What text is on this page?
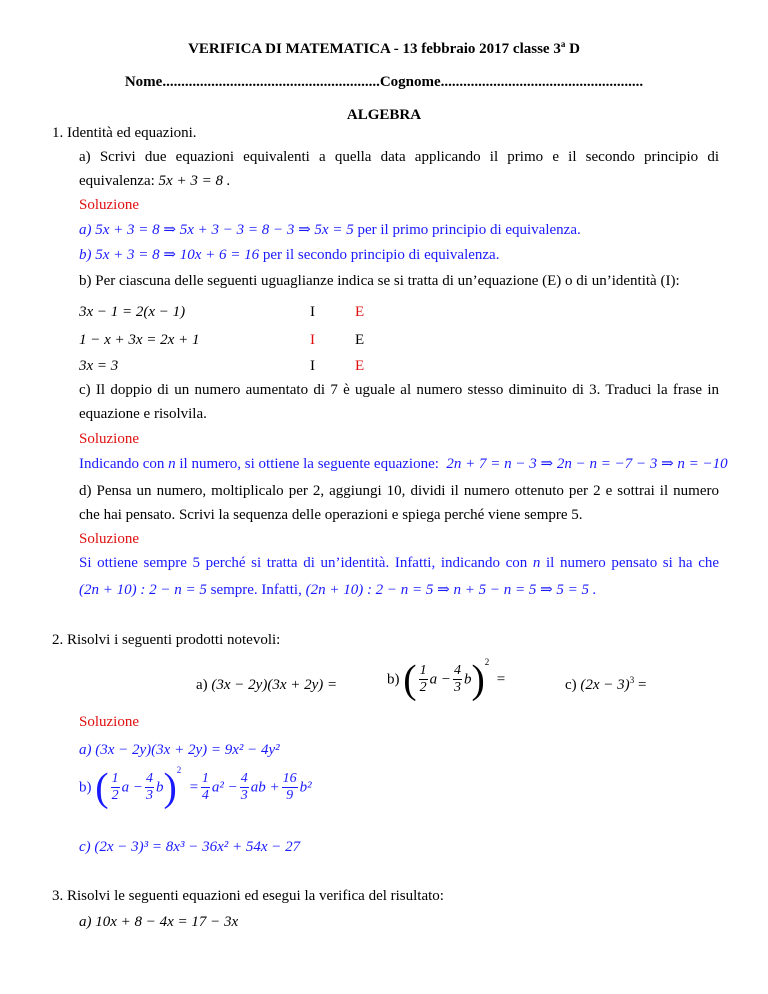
VERIFICA DI MATEMATICA - 13 febbraio 2017 classe 3$^a$ D
Nome..........................................................Cognome......................................................
ALGEBRA
1. Identità ed equazioni.
a) Scrivi due equazioni equivalenti a quella data applicando il primo e il secondo principio di
equivalenza: 5x + 3 = 8 .
Soluzione
a) 5x + 3 = 8 ⇒ 5x + 3 − 3 = 8 − 3 ⇒ 5x = 5 per il primo principio di equivalenza.
b) 5x + 3 = 8 ⇒ 10x + 6 = 16 per il secondo principio di equivalenza.
b) Per ciascuna delle seguenti uguaglianze indica se si tratta di un’equazione (E) o di un’identità (I):
3x − 1 = 2(x − 1)	I	E
1 − x + 3x = 2x + 1	I	E
3x = 3	I	E
c) Il doppio di un numero aumentato di 7 è uguale al numero stesso diminuito di 3. Traduci la frase in
equazione e risolvila.
Soluzione
Indicando con n il numero, si ottiene la seguente equazione: 2n + 7 = n − 3 ⇒ 2n − n = −7 − 3 ⇒ n = −10
d) Pensa un numero, moltiplicalo per 2, aggiungi 10, dividi il numero ottenuto per 2 e sottrai il numero
che hai pensato. Scrivi la sequenza delle operazioni e spiega perché viene sempre 5.
Soluzione
Si ottiene sempre 5 perché si tratta di un’identità. Infatti, indicando con n il numero pensato si ha che
(2n + 10) : 2 − n = 5 sempre. Infatti, (2n + 10) : 2 − n = 5 ⇒ n + 5 − n = 5 ⇒ 5 = 5 .
2. Risolvi i seguenti prodotti notevoli:
a) (3x − 2y)(3x + 2y) =	b) ( $\frac{1}{2}$ $a - \frac{4}{3} b)^2$  =	c) $(2x - 3)^3$ =
Soluzione
a) (3x − 2y)(3x + 2y) = 9x² − 4y²
b) ( $\frac{1}{2}$ $a - \frac{4}{3} b)^2 = \frac{1}{4} a^2 - \frac{4}{3}$ ab + $\frac{16}{9} b^2$
c) (2x − 3)³ = 8x³ − 36x² + 54x − 27
3. Risolvi le seguenti equazioni ed esegui la verifica del risultato:
a) 10x + 8 − 4x = 17 − 3x
